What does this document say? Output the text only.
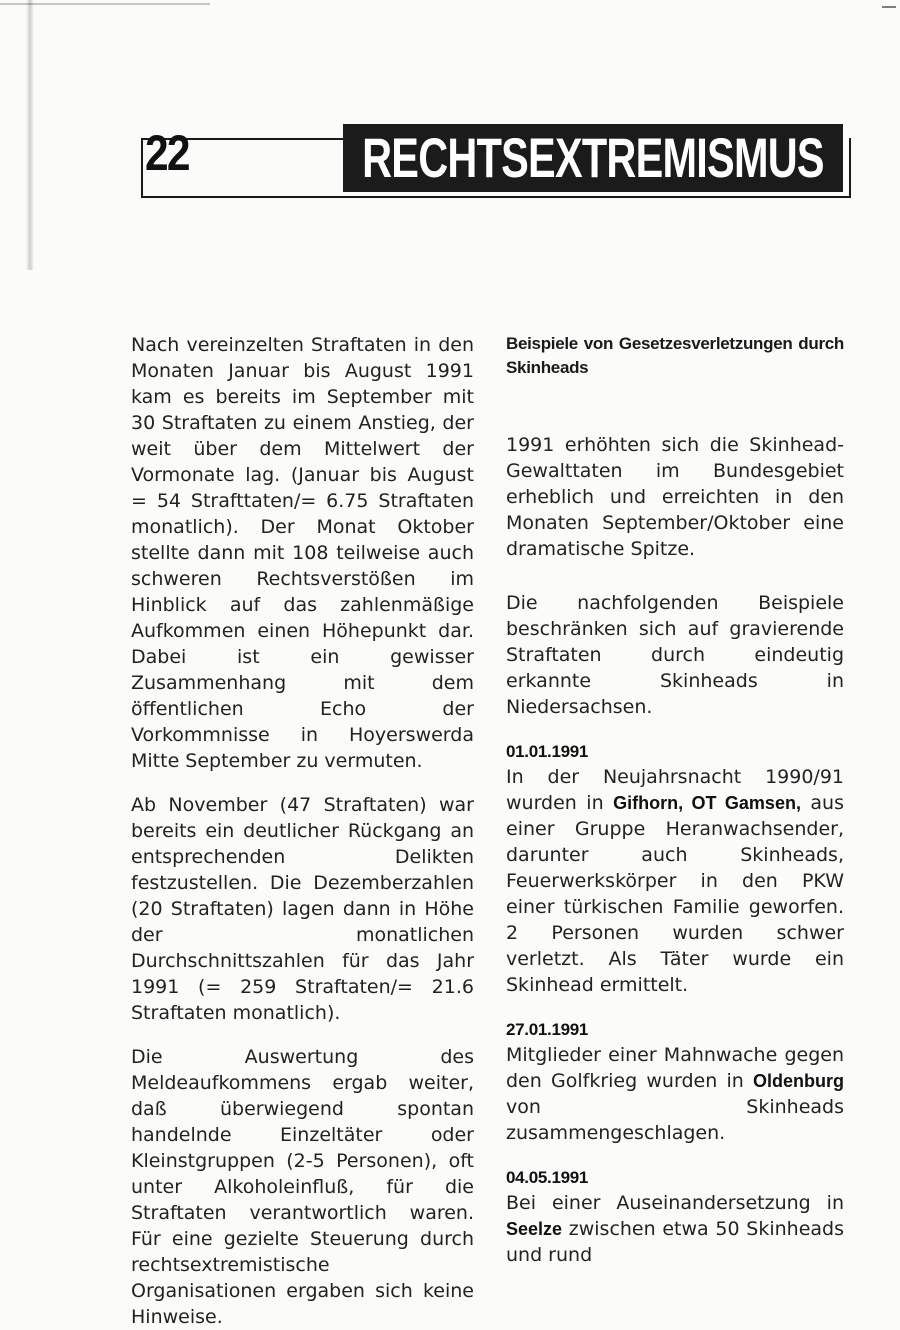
22	RECHTSEXTREMISMUS

Nach vereinzelten Straftaten in den Monaten Januar bis August 1991 kam es bereits im September mit 30 Straftaten zu einem Anstieg, der weit über dem Mittelwert der Vormonate lag. (Januar bis August = 54 Strafttaten/= 6.75 Straftaten monatlich). Der Monat Oktober stellte dann mit 108 teilweise auch schweren Rechtsverstößen im Hinblick auf das zahlenmäßige Aufkommen einen Höhepunkt dar. Dabei ist ein gewisser Zusammenhang mit dem öffentlichen Echo der Vorkommnisse in Hoyerswerda Mitte September zu vermuten.

Ab November (47 Straftaten) war bereits ein deutlicher Rückgang an entsprechenden Delikten festzustellen. Die Dezemberzahlen (20 Straftaten) lagen dann in Höhe der monatlichen Durchschnittszahlen für das Jahr 1991 (= 259 Straftaten/= 21.6 Straftaten monatlich).

Die Auswertung des Meldeaufkommens ergab weiter, daß überwiegend spontan handelnde Einzeltäter oder Kleinstgruppen (2-5 Personen), oft unter Alkoholeinfluß, für die Straftaten verantwortlich waren. Für eine gezielte Steuerung durch rechtsextremistische Organisationen ergaben sich keine Hinweise.

Beispiele von Gesetzesverletzungen durch Skinheads

1991 erhöhten sich die Skinhead-Gewalttaten im Bundesgebiet erheblich und erreichten in den Monaten September/Oktober eine dramatische Spitze.

Die nachfolgenden Beispiele beschränken sich auf gravierende Straftaten durch eindeutig erkannte Skinheads in Niedersachsen.

01.01.1991

In der Neujahrsnacht 1990/91 wurden in Gifhorn, OT Gamsen, aus einer Gruppe Heranwachsender, darunter auch Skinheads, Feuerwerkskörper in den PKW einer türkischen Familie geworfen. 2 Personen wurden schwer verletzt. Als Täter wurde ein Skinhead ermittelt.

27.01.1991

Mitglieder einer Mahnwache gegen den Golfkrieg wurden in Oldenburg von Skinheads zusammengeschlagen.

04.05.1991

Bei einer Auseinandersetzung in Seelze zwischen etwa 50 Skinheads und rund
